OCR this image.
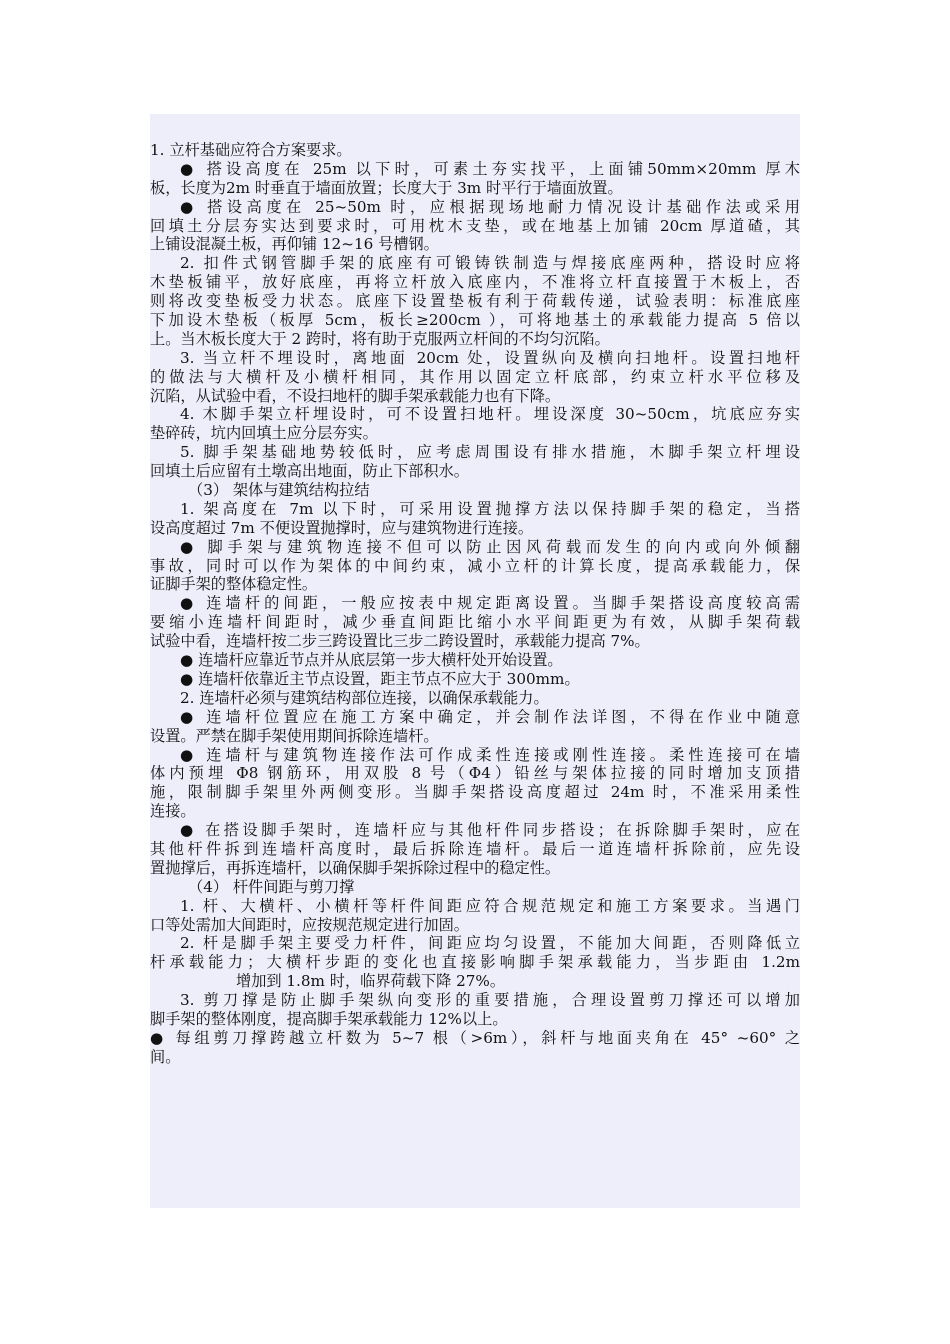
1. 立杆基础应符合方案要求。
● 搭设高度在 25m 以下时，可素土夯实找平，上面铺50mm×20mm 厚木
板，长度为2m 时垂直于墙面放置；长度大于 3m 时平行于墙面放置。
● 搭设高度在 25~50m 时，应根据现场地耐力情况设计基础作法或采用
回填土分层夯实达到要求时，可用枕木支垫，或在地基上加铺 20cm 厚道碴，其
上铺设混凝土板，再仰铺 12~16 号槽钢。
2. 扣件式钢管脚手架的底座有可锻铸铁制造与焊接底座两种，搭设时应将
木垫板铺平，放好底座，再将立杆放入底座内，不准将立杆直接置于木板上，否
则将改变垫板受力状态。底座下设置垫板有利于荷载传递，试验表明：标准底座
下加设木垫板（板厚 5cm，板长≥200cm ），可将地基土的承载能力提高 5 倍以
上。当木板长度大于 2 跨时，将有助于克服两立杆间的不均匀沉陷。
3. 当立杆不埋设时，离地面 20cm 处，设置纵向及横向扫地杆。设置扫地杆
的做法与大横杆及小横杆相同，其作用以固定立杆底部，约束立杆水平位移及
沉陷，从试验中看，不设扫地杆的脚手架承载能力也有下降。
4. 木脚手架立杆埋设时，可不设置扫地杆。埋设深度 30~50cm，坑底应夯实
垫碎砖，坑内回填土应分层夯实。
5. 脚手架基础地势较低时，应考虑周围设有排水措施，木脚手架立杆埋设
回填土后应留有土墩高出地面，防止下部积水。
（3） 架体与建筑结构拉结
1. 架高度在 7m 以下时，可采用设置抛撑方法以保持脚手架的稳定，当搭
设高度超过 7m 不便设置抛撑时，应与建筑物进行连接。
● 脚手架与建筑物连接不但可以防止因风荷载而发生的向内或向外倾翻
事故，同时可以作为架体的中间约束，减小立杆的计算长度，提高承载能力，保
证脚手架的整体稳定性。
● 连墙杆的间距，一般应按表中规定距离设置。当脚手架搭设高度较高需
要缩小连墙杆间距时，减少垂直间距比缩小水平间距更为有效，从脚手架荷载
试验中看，连墙杆按二步三跨设置比三步二跨设置时，承载能力提高 7%。
● 连墙杆应靠近节点并从底层第一步大横杆处开始设置。
● 连墙杆依靠近主节点设置，距主节点不应大于 300mm。
2. 连墙杆必须与建筑结构部位连接，以确保承载能力。
● 连墙杆位置应在施工方案中确定，并会制作法详图，不得在作业中随意
设置。严禁在脚手架使用期间拆除连墙杆。
● 连墙杆与建筑物连接作法可作成柔性连接或刚性连接。柔性连接可在墙
体内预埋 Φ8 钢筋环，用双股 8 号（Φ4）铅丝与架体拉接的同时增加支顶措
施，限制脚手架里外两侧变形。当脚手架搭设高度超过 24m 时，不准采用柔性
连接。
● 在搭设脚手架时，连墙杆应与其他杆件同步搭设；在拆除脚手架时，应在
其他杆件拆到连墙杆高度时，最后拆除连墙杆。最后一道连墙杆拆除前，应先设
置抛撑后，再拆连墙杆，以确保脚手架拆除过程中的稳定性。
（4） 杆件间距与剪刀撑
1. 杆、大横杆、小横杆等杆件间距应符合规范规定和施工方案要求。当遇门
口等处需加大间距时，应按规范规定进行加固。
2. 杆是脚手架主要受力杆件，间距应均匀设置，不能加大间距，否则降低立
杆承载能力；大横杆步距的变化也直接影响脚手架承载能力，当步距由 1.2m
增加到 1.8m 时，临界荷载下降 27%。
3. 剪刀撑是防止脚手架纵向变形的重要措施，合理设置剪刀撑还可以增加
脚手架的整体刚度，提高脚手架承载能力 12%以上。
● 每组剪刀撑跨越立杆数为 5~7 根（>6m），斜杆与地面夹角在 45° ~60° 之
间。
